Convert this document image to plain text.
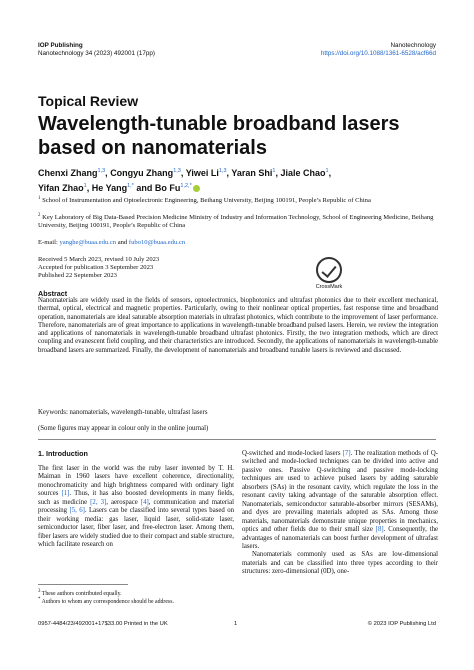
IOP Publishing
Nanotechnology 34 (2023) 492001 (17pp)
Nanotechnology
https://doi.org/10.1088/1361-6528/acf66d
Topical Review
Wavelength-tunable broadband lasers based on nanomaterials
Chenxi Zhang$^{1,3}$, Congyu Zhang$^{1,3}$, Yiwei Li$^{1,3}$, Yaran Shi$^1$, Jiale Chao$^1$,
Yifan Zhao$^1$, He Yang$^{1,*}$ and Bo $Fu^{1,2,*}$
$^1$ School of Instrumentation and Optoelectronic Engineering, Beihang University, Beijing 100191, People’s Republic of China
$^2$ Key Laboratory of Big Data-Based Precision Medicine Ministry of Industry and Information Technology, School of Engineering Medicine, Beihang University, Beijing 100191, People’s Republic of China
E-mail: yanghe@buaa.edu.cn and fubo10@buaa.edu.cn
Received 5 March 2023, revised 10 July 2023
Accepted for publication 3 September 2023
Published 22 September 2023
CrossMark
Abstract
Nanomaterials are widely used in the fields of sensors, optoelectronics, biophotonics and ultrafast photonics due to their excellent mechanical, thermal, optical, electrical and magnetic properties. Particularly, owing to their nonlinear optical properties, fast response time and broadband operation, nanomaterials are ideal saturable absorption materials in ultrafast photonics, which contribute to the improvement of laser performance. Therefore, nanomaterials are of great importance to applications in wavelength-tunable broadband pulsed lasers. Herein, we review the integration and applications of nanomaterials in wavelength-tunable broadband ultrafast photonics. Firstly, the two integration methods, which are direct coupling and evanescent field coupling, and their characteristics are introduced. Secondly, the applications of nanomaterials in wavelength-tunable broadband lasers are summarized. Finally, the development of nanomaterials and broadband tunable lasers is reviewed and discussed.
Keywords: nanomaterials, wavelength-tunable, ultrafast lasers
(Some figures may appear in colour only in the online journal)
1. Introduction
The first laser in the world was the ruby laser invented by T. H. Maiman in 1960 lasers have excellent coherence, directionality, monochromaticity and high brightness compared with ordinary light sources [1]. Thus, it has also boosted developments in many fields, such as medicine [2, 3], aerospace [4], communication and material processing [5, 6]. Lasers can be classified into several types based on their working media: gas laser, liquid laser, solid-state laser, semiconductor laser, fiber laser, and free-electron laser. Among them, fiber lasers are widely studied due to their compact and stable structure, which facilitate research on
Q-switched and mode-locked lasers [7]. The realization methods of Q-switched and mode-locked techniques can be divided into active and passive ones. Passive Q-switching and passive mode-locking techniques are used to achieve pulsed lasers by adding saturable absorbers (SAs) in the resonant cavity, which regulate the loss in the resonant cavity taking advantage of the saturable absorption effect. Nanomaterials, semiconductor saturable-absorber mirrors (SESAMs), and dyes are prevailing materials adopted as SAs. Among those materials, nanomaterials demonstrate unique properties in mechanics, optics and other fields due to their small size [8]. Consequently, the advantages of nanomaterials can boost further development of ultrafast lasers.
Nanomaterials commonly used as SAs are low-dimensional materials and can be classified into three types according to their structures: zero-dimensional (0D), one-
$^3$ These authors contributed equally.
* Authors to whom any correspondence should be address.
0957-4484/23/492001+17$33.00 Printed in the UK	1	© 2023 IOP Publishing Ltd
